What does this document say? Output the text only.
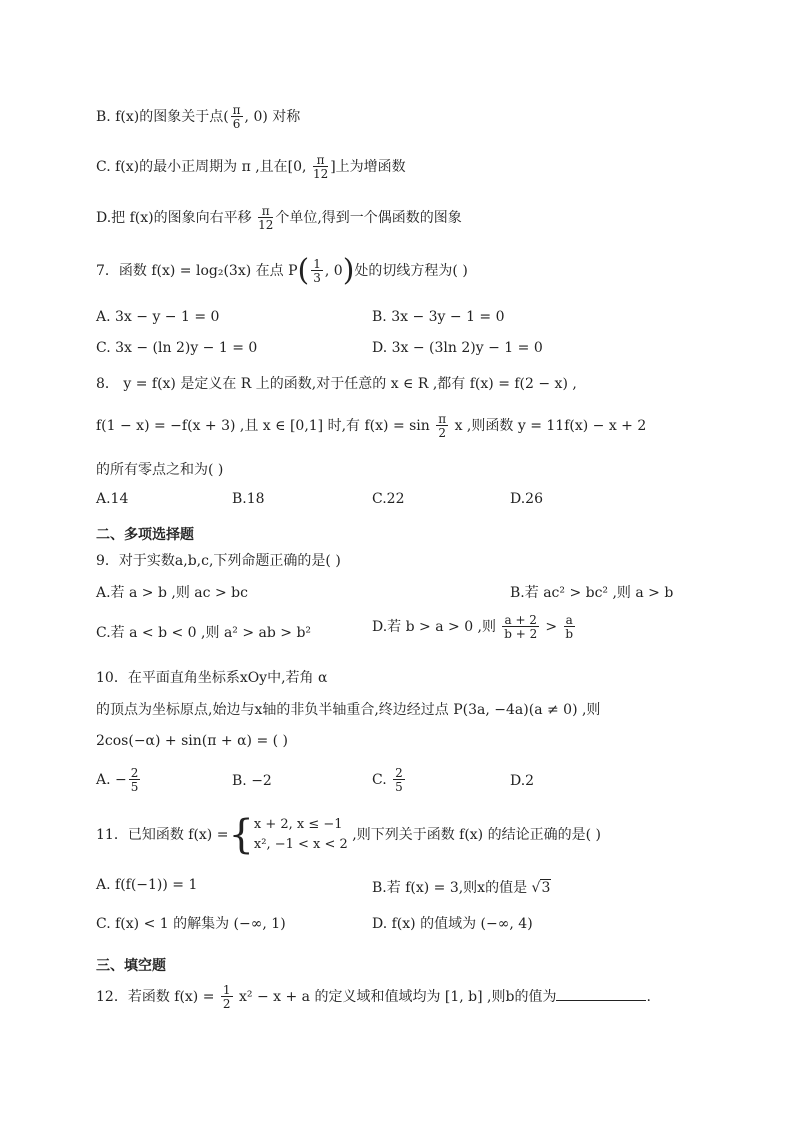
B. f(x)的图象关于点( $\frac{\pi}{6}$ , 0) 对称
C. f(x)的最小正周期为 π ,且在[0, $\frac{\pi}{12}$ ]上为增函数
D.把 f(x)的图象向右平移 $\frac{\pi}{12}$ 个单位,得到一个偶函数的图象
7．函数 f(x) = log₂(3x) 在点 $P( \frac{1}{3}$ , 0)处的切线方程为( )
A. 3x − y − 1 = 0	B. 3x − 3y − 1 = 0
C. 3x − (ln 2)y − 1 = 0	D. 3x − (3ln 2)y − 1 = 0
8． y = f(x) 是定义在 R 上的函数,对于任意的 x ∈ R ,都有 f(x) = f(2 − x) ,
f(1 − x) = −f(x + 3) ,且 x ∈ [0,1] 时,有 $f(x) = \sin \frac{\pi}{2}$ x ,则函数 y = 11f(x) − x + 2
的所有零点之和为( )
A.14	B.18	C.22	D.26
二、多项选择题
9．对于实数a,b,c,下列命题正确的是( )
A.若 a > b ,则 ac > bc	B.若 ac² > bc² ,则 a > b
C.若 a < b < 0 ,则 a² > ab > b²	D.若 b > a > 0 ,则 $\frac{a + 2}{b + 2} > \frac{a}{b}$
10．在平面直角坐标系xOy中,若角 α
的顶点为坐标原点,始边与x轴的非负半轴重合,终边经过点 P(3a, −4a)(a ≠ 0) ,则
2cos(−α) + sin(π + α) = ( )
A. − $\frac{2}{5}$	B. −2	C. $\frac{2}{5}$	D.2
11．已知函数 f(x) ={ x + 2, x ≤ −1
x², −1 < x < 2
,则下列关于函数 f(x) 的结论正确的是( )
A. f(f(−1)) = 1	B.若 f(x) = 3,则x的值是 √3
C. f(x) < 1 的解集为 (−∞, 1)	D. f(x) 的值域为 (−∞, 4)
三、填空题
12．若函数 $f(x) = \frac{1}{2} x^2 - x + a$ 的定义域和值域均为 [1, b] ,则b的值为	.
